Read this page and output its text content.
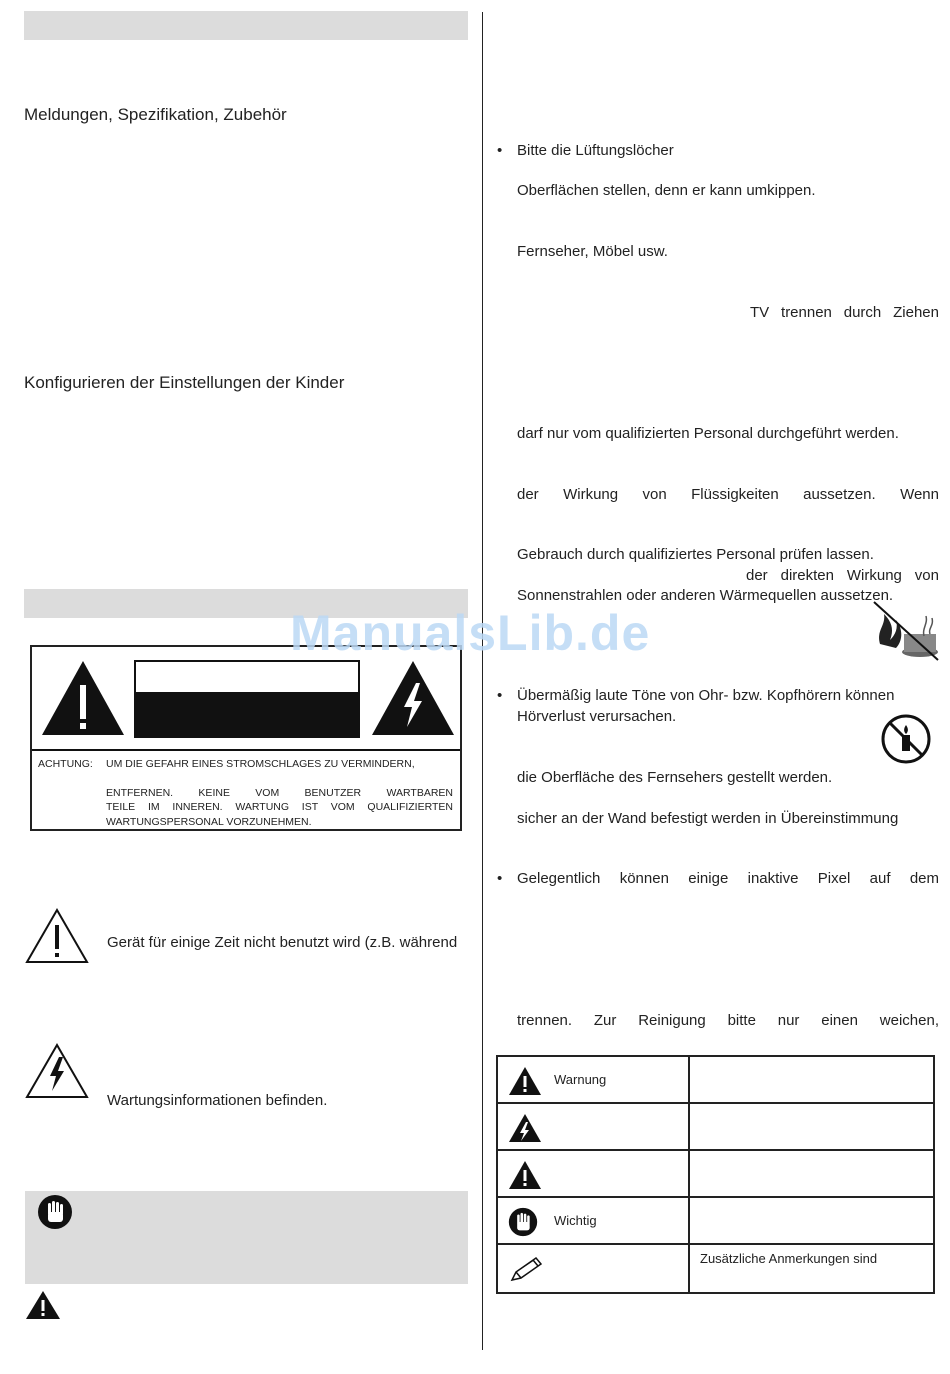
Meldungen, Spezifikation, Zubehör
Konfigurieren der Einstellungen der Kinder
ACHTUNG: UM DIE GEFAHR EINES STROMSCHLAGES ZU VERMINDERN,
ENTFERNEN. KEINE VOM BENUTZER WARTBAREN
TEILE IM INNEREN. WARTUNG IST VOM QUALIFIZIERTEN
WARTUNGSPERSONAL VORZUNEHMEN.
Gerät für einige Zeit nicht benutzt wird (z.B. während
Wartungsinformationen befinden.
• Bitte die Lüftungslöcher
Oberflächen stellen, denn er kann umkippen.
Fernseher, Möbel usw.
TV trennen durch Ziehen
darf nur vom qualifizierten Personal durchgeführt werden.
der Wirkung von Flüssigkeiten aussetzen. Wenn
Gebrauch durch qualifiziertes Personal prüfen lassen.
der direkten Wirkung von
Sonnenstrahlen oder anderen Wärmequellen aussetzen.
• Übermäßig laute Töne von Ohr- bzw. Kopfhörern können
Hörverlust verursachen.
die Oberfläche des Fernsehers gestellt werden.
sicher an der Wand befestigt werden in Übereinstimmung
• Gelegentlich können einige inaktive Pixel auf dem
trennen. Zur Reinigung bitte nur einen weichen,
Warnung
Wichtig
Zusätzliche Anmerkungen sind
ManualsLib.de
